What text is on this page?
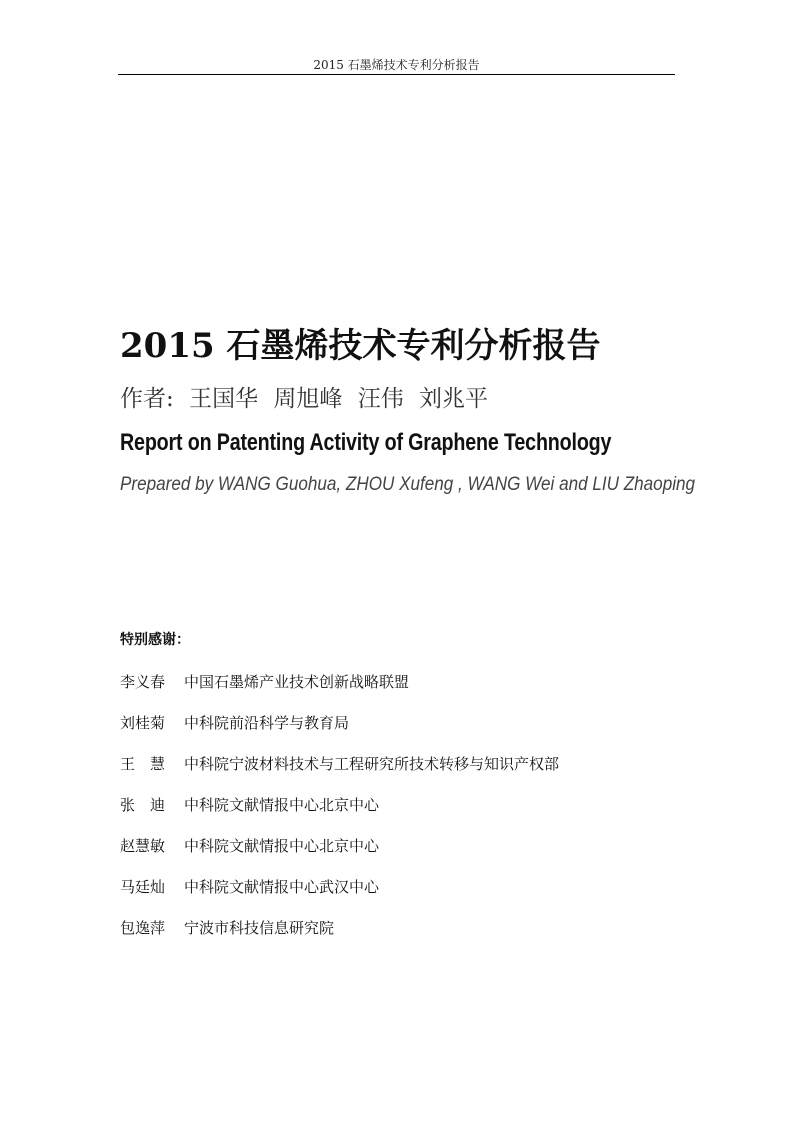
2015 石墨烯技术专利分析报告
2015 石墨烯技术专利分析报告
作者: 王国华 周旭峰 汪伟 刘兆平
Report on Patenting Activity of Graphene Technology
Prepared by WANG Guohua, ZHOU Xufeng , WANG Wei and LIU Zhaoping
特别感谢：
李义春	中国石墨烯产业技术创新战略联盟
刘桂菊	中科院前沿科学与教育局
王　慧	中科院宁波材料技术与工程研究所技术转移与知识产权部
张　迪	中科院文献情报中心北京中心
赵慧敏	中科院文献情报中心北京中心
马廷灿	中科院文献情报中心武汉中心
包逸萍	宁波市科技信息研究院
